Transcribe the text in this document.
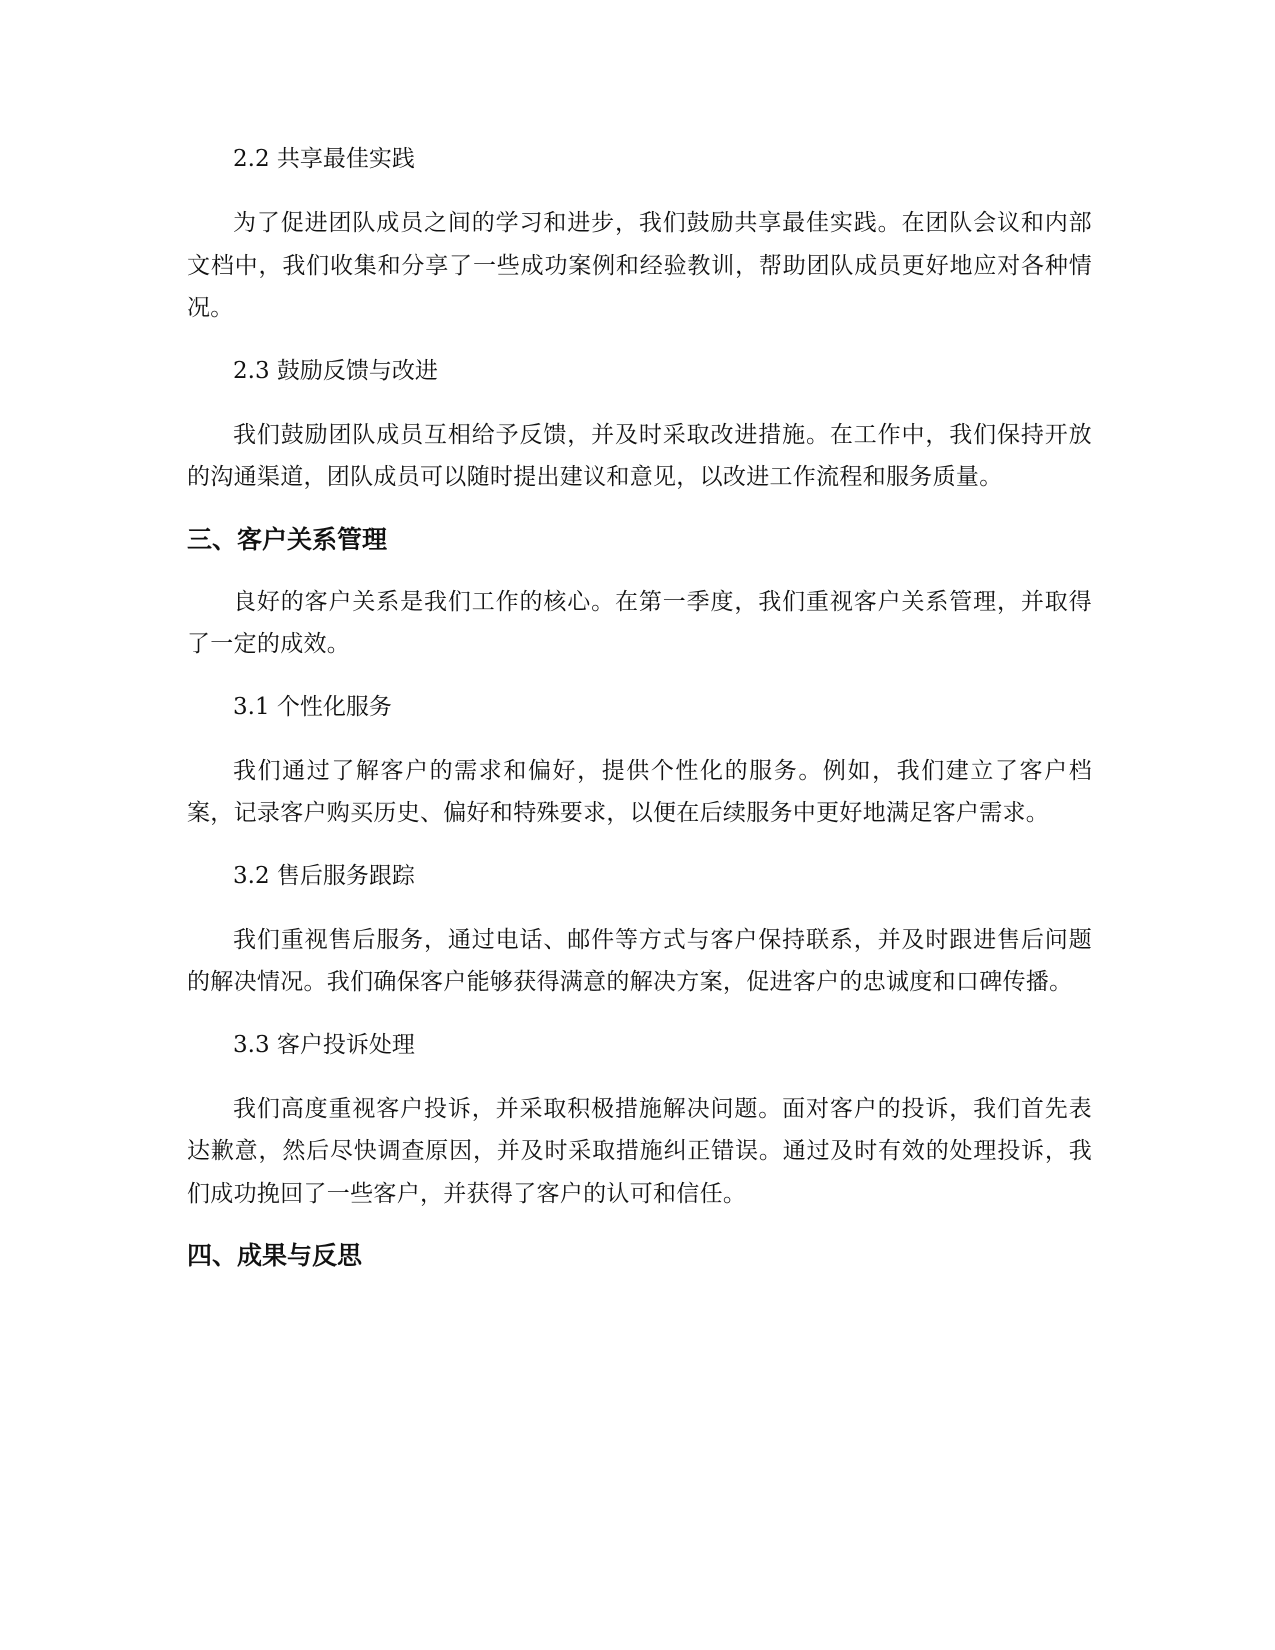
2.2 共享最佳实践

为了促进团队成员之间的学习和进步，我们鼓励共享最佳实践。在团队会议和内部文档中，我们收集和分享了一些成功案例和经验教训，帮助团队成员更好地应对各种情况。

2.3 鼓励反馈与改进

我们鼓励团队成员互相给予反馈，并及时采取改进措施。在工作中，我们保持开放的沟通渠道，团队成员可以随时提出建议和意见，以改进工作流程和服务质量。

三、客户关系管理

良好的客户关系是我们工作的核心。在第一季度，我们重视客户关系管理，并取得了一定的成效。

3.1 个性化服务

我们通过了解客户的需求和偏好，提供个性化的服务。例如，我们建立了客户档案，记录客户购买历史、偏好和特殊要求，以便在后续服务中更好地满足客户需求。

3.2 售后服务跟踪

我们重视售后服务，通过电话、邮件等方式与客户保持联系，并及时跟进售后问题的解决情况。我们确保客户能够获得满意的解决方案，促进客户的忠诚度和口碑传播。

3.3 客户投诉处理

我们高度重视客户投诉，并采取积极措施解决问题。面对客户的投诉，我们首先表达歉意，然后尽快调查原因，并及时采取措施纠正错误。通过及时有效的处理投诉，我们成功挽回了一些客户，并获得了客户的认可和信任。

四、成果与反思
